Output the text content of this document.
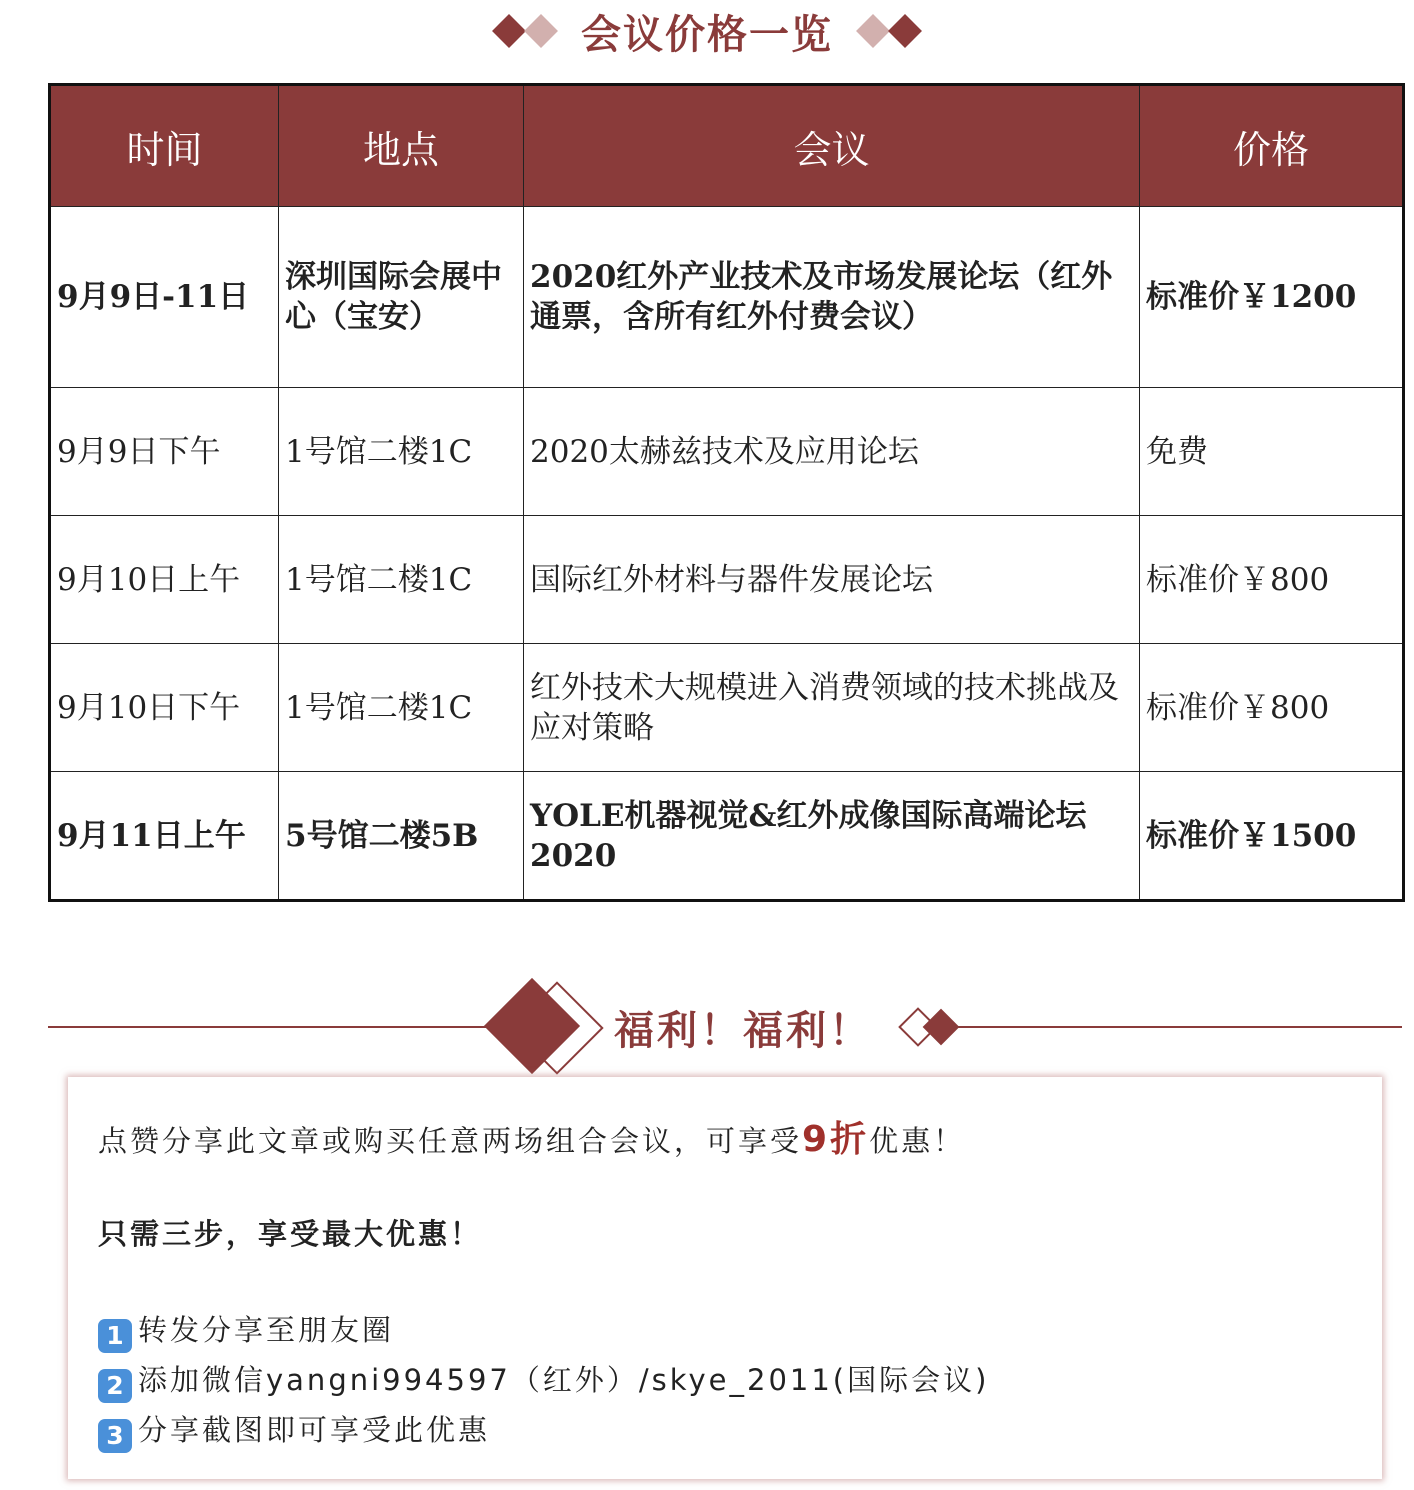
会议价格一览
时间	地点	会议	价格
9月9日-11日	深圳国际会展中心（宝安）	2020红外产业技术及市场发展论坛（红外通票，含所有红外付费会议）	标准价￥1200
9月9日下午	1号馆二楼1C	2020太赫兹技术及应用论坛	免费
9月10日上午	1号馆二楼1C	国际红外材料与器件发展论坛	标准价￥800
9月10日下午	1号馆二楼1C	红外技术大规模进入消费领域的技术挑战及应对策略	标准价￥800
9月11日上午	5号馆二楼5B	YOLE机器视觉&红外成像国际高端论坛2020	标准价￥1500
福利！福利！

点赞分享此文章或购买任意两场组合会议，可享受9折优惠！

只需三步，享受最大优惠！

1 转发分享至朋友圈

2 添加微信yangni994597（红外）/skye_2011(国际会议)

3 分享截图即可享受此优惠
